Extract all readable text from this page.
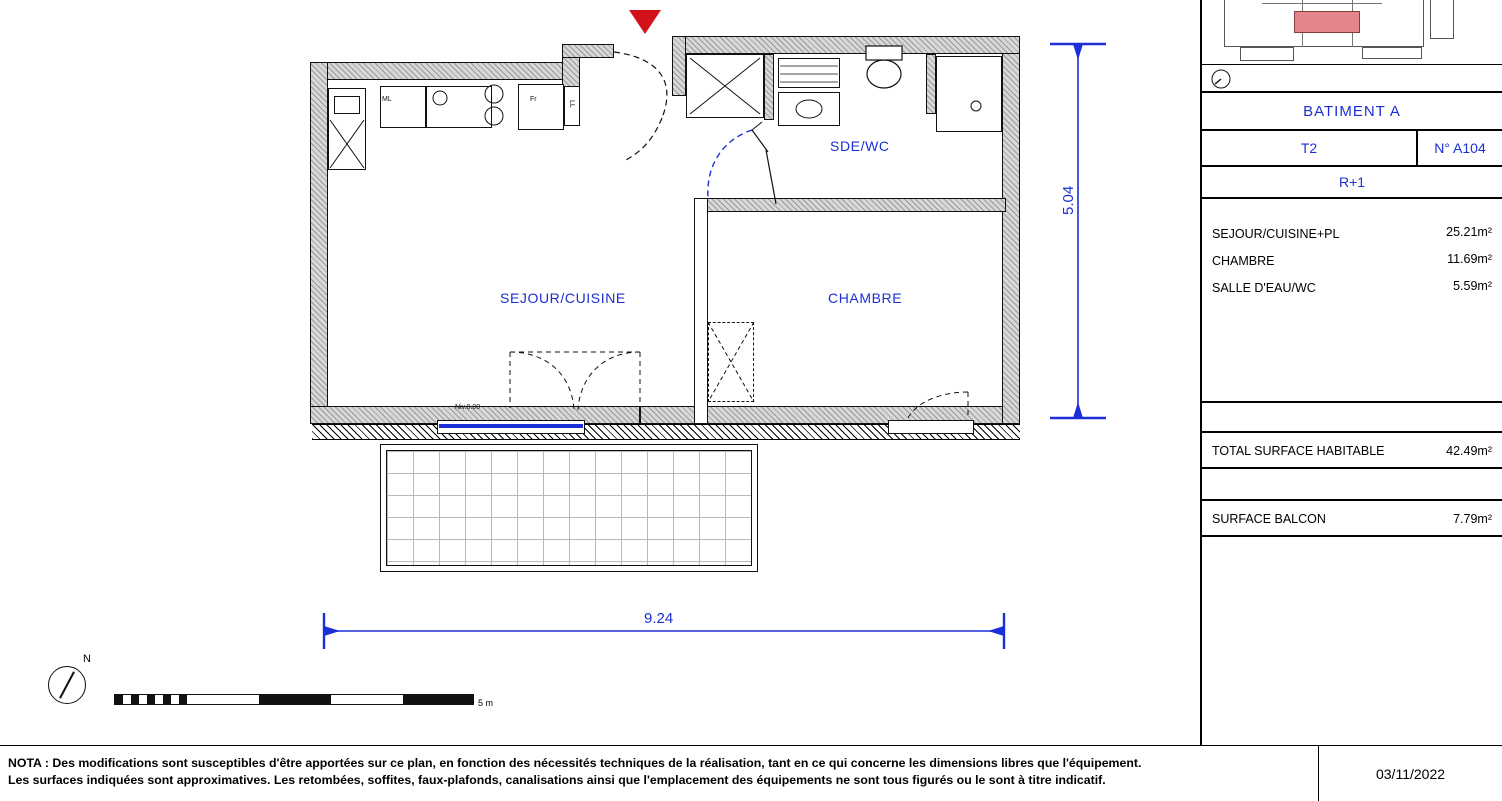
ML	Fr
LL
SEJOUR/CUISINE	CHAMBRE
SDE/WC
Niv.0.00
5.04
9.24
N
5 m
BATIMENT A
T2	N° A104
R+1
SEJOUR/CUISINE+PL	25.21m²
CHAMBRE	11.69m²
SALLE D'EAU/WC	5.59m²
TOTAL SURFACE HABITABLE	42.49m²
SURFACE BALCON	7.79m²
NOTA : Des modifications sont susceptibles d'être apportées sur ce plan, en fonction des nécessités techniques de la réalisation, tant en ce qui concerne les dimensions libres que l'équipement.
Les surfaces indiquées sont approximatives. Les retombées, soffites, faux-plafonds, canalisations ainsi que l'emplacement des équipements ne sont tous figurés ou le sont à titre indicatif.	03/11/2022
